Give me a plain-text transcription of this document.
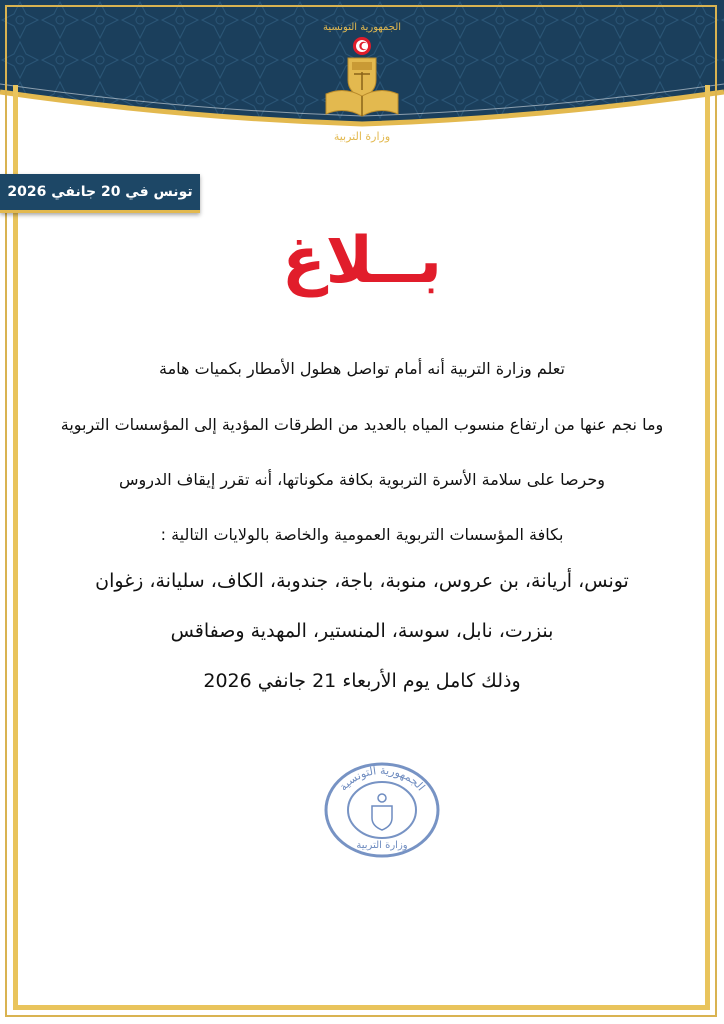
الجمهورية التونسية
وزارة التربية
تونس في 20 جانفي 2026
بــلاغ
تعلم وزارة التربية أنه أمام تواصل هطول الأمطار بكميات هامة
وما نجم عنها من ارتفاع منسوب المياه بالعديد من الطرقات المؤدية إلى المؤسسات التربوية
وحرصا على سلامة الأسرة التربوية بكافة مكوناتها، أنه تقرر إيقاف الدروس
بكافة المؤسسات التربوية العمومية والخاصة بالولايات التالية :
تونس، أريانة، بن عروس، منوبة، باجة، جندوبة، الكاف، سليانة، زغوان
بنزرت، نابل، سوسة، المنستير، المهدية وصفاقس
وذلك كامل يوم الأربعاء 21 جانفي 2026
الجمهورية التونسية
وزارة التربية
